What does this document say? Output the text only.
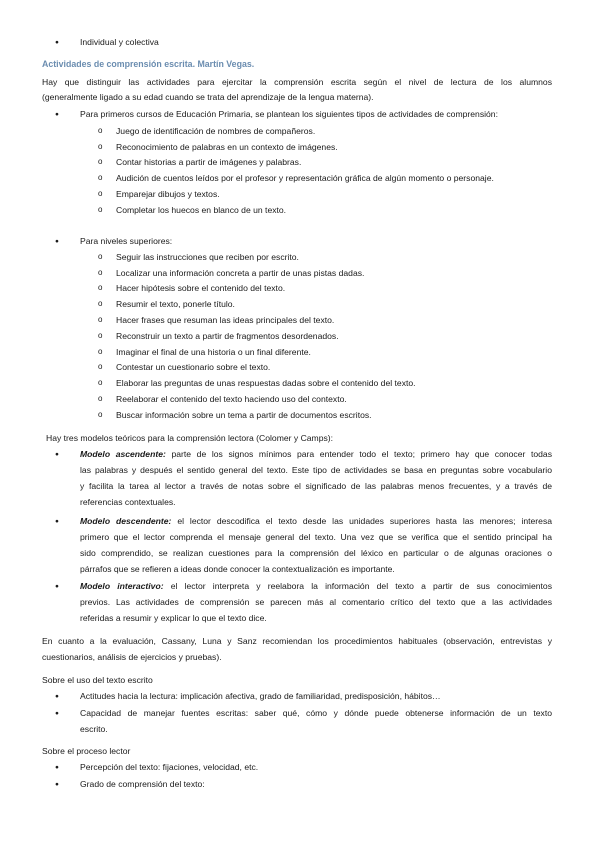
● Individual y colectiva
Actividades de comprensión escrita. Martín Vegas.
Hay que distinguir las actividades para ejercitar la comprensión escrita según el nivel de lectura de los alumnos
(generalmente ligado a su edad cuando se trata del aprendizaje de la lengua materna).
● Para primeros cursos de Educación Primaria, se plantean los siguientes tipos de actividades de comprensión:
o Juego de identificación de nombres de compañeros.
o Reconocimiento de palabras en un contexto de imágenes.
o Contar historias a partir de imágenes y palabras.
o Audición de cuentos leídos por el profesor y representación gráfica de algún momento o personaje.
o Emparejar dibujos y textos.
o Completar los huecos en blanco de un texto.
● Para niveles superiores:
o Seguir las instrucciones que reciben por escrito.
o Localizar una información concreta a partir de unas pistas dadas.
o Hacer hipótesis sobre el contenido del texto.
o Resumir el texto, ponerle título.
o Hacer frases que resuman las ideas principales del texto.
o Reconstruir un texto a partir de fragmentos desordenados.
o Imaginar el final de una historia o un final diferente.
o Contestar un cuestionario sobre el texto.
o Elaborar las preguntas de unas respuestas dadas sobre el contenido del texto.
o Reelaborar el contenido del texto haciendo uso del contexto.
o Buscar información sobre un tema a partir de documentos escritos.
Hay tres modelos teóricos para la comprensión lectora (Colomer y Camps):
● Modelo ascendente: parte de los signos mínimos para entender todo el texto; primero hay que conocer todas
las palabras y después el sentido general del texto. Este tipo de actividades se basa en preguntas sobre vocabulario
y facilita la tarea al lector a través de notas sobre el significado de las palabras menos frecuentes, y a través de
referencias contextuales.
● Modelo descendente: el lector descodifica el texto desde las unidades superiores hasta las menores; interesa
primero que el lector comprenda el mensaje general del texto. Una vez que se verifica que el sentido principal ha
sido comprendido, se realizan cuestiones para la comprensión del léxico en particular o de algunas oraciones o
párrafos que se refieren a ideas donde conocer la contextualización es importante.
● Modelo interactivo: el lector interpreta y reelabora la información del texto a partir de sus conocimientos
previos. Las actividades de comprensión se parecen más al comentario crítico del texto que a las actividades
referidas a resumir y explicar lo que el texto dice.
En cuanto a la evaluación, Cassany, Luna y Sanz recomiendan los procedimientos habituales (observación, entrevistas y
cuestionarios, análisis de ejercicios y pruebas).
Sobre el uso del texto escrito
● Actitudes hacia la lectura: implicación afectiva, grado de familiaridad, predisposición, hábitos…
● Capacidad de manejar fuentes escritas: saber qué, cómo y dónde puede obtenerse información de un texto
escrito.
Sobre el proceso lector
● Percepción del texto: fijaciones, velocidad, etc.
● Grado de comprensión del texto:
